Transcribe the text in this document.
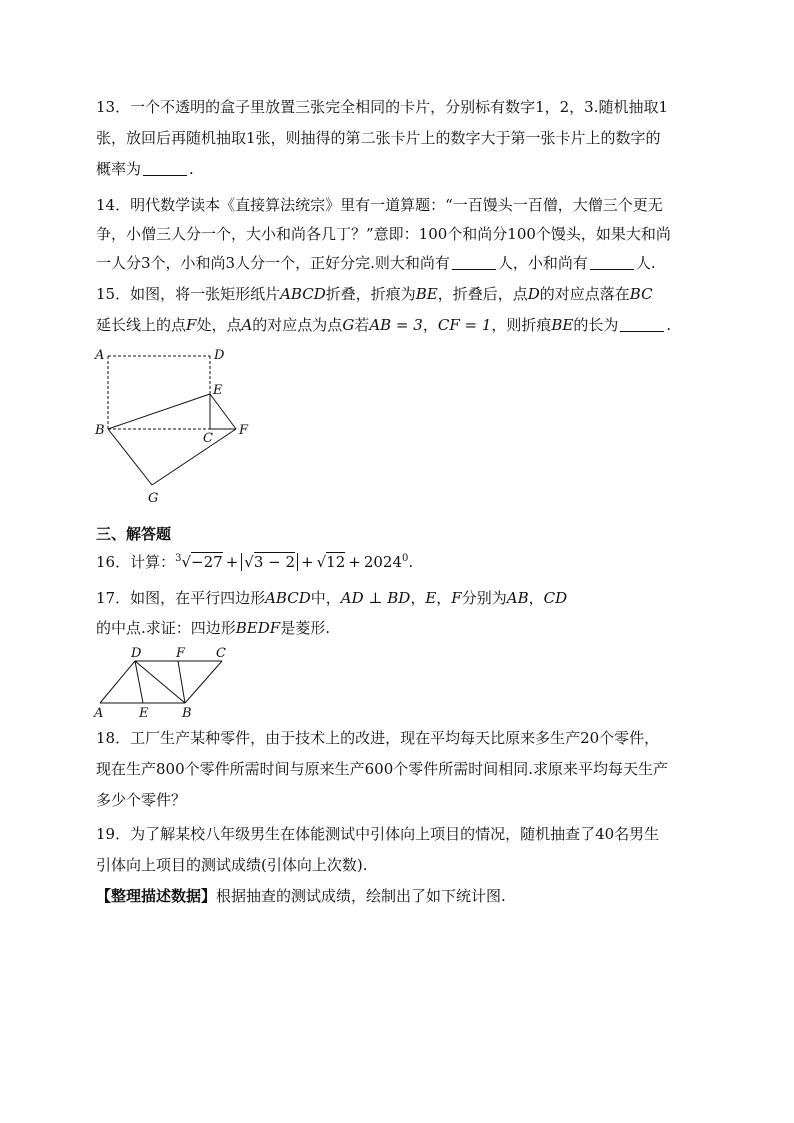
13．一个不透明的盒子里放置三张完全相同的卡片，分别标有数字1，2，3.随机抽取1
张，放回后再随机抽取1张，则抽得的第二张卡片上的数字大于第一张卡片上的数字的
概率为	.
14．明代数学读本《直接算法统宗》里有一道算题：“一百馒头一百僧，大僧三个更无
争，小僧三人分一个，大小和尚各几丁？”意即：100个和尚分100个馒头，如果大和尚
一人分3个，小和尚3人分一个，正好分完.则大和尚有	人，小和尚有	人.
15．如图，将一张矩形纸片ABCD折叠，折痕为BE，折叠后，点D的对应点落在BC
延长线上的点F处，点A的对应点为点G若AB = 3，CF = 1，则折痕BE的长为	.
A	D
E
B
C
F
G
三、解答题
16．计算：$^3√-27 + √3 - 2 + √12 + 2024^0$.
17．如图，在平行四边形ABCD中，AD ⊥ BD，E，F分别为AB，CD
的中点.求证：四边形BEDF是菱形.
D	F C
A	E	B
18．工厂生产某种零件，由于技术上的改进，现在平均每天比原来多生产20个零件，
现在生产800个零件所需时间与原来生产600个零件所需时间相同.求原来平均每天生产
多少个零件？
19．为了解某校八年级男生在体能测试中引体向上项目的情况，随机抽查了40名男生
引体向上项目的测试成绩(引体向上次数).
【整理描述数据】根据抽查的测试成绩，绘制出了如下统计图.
